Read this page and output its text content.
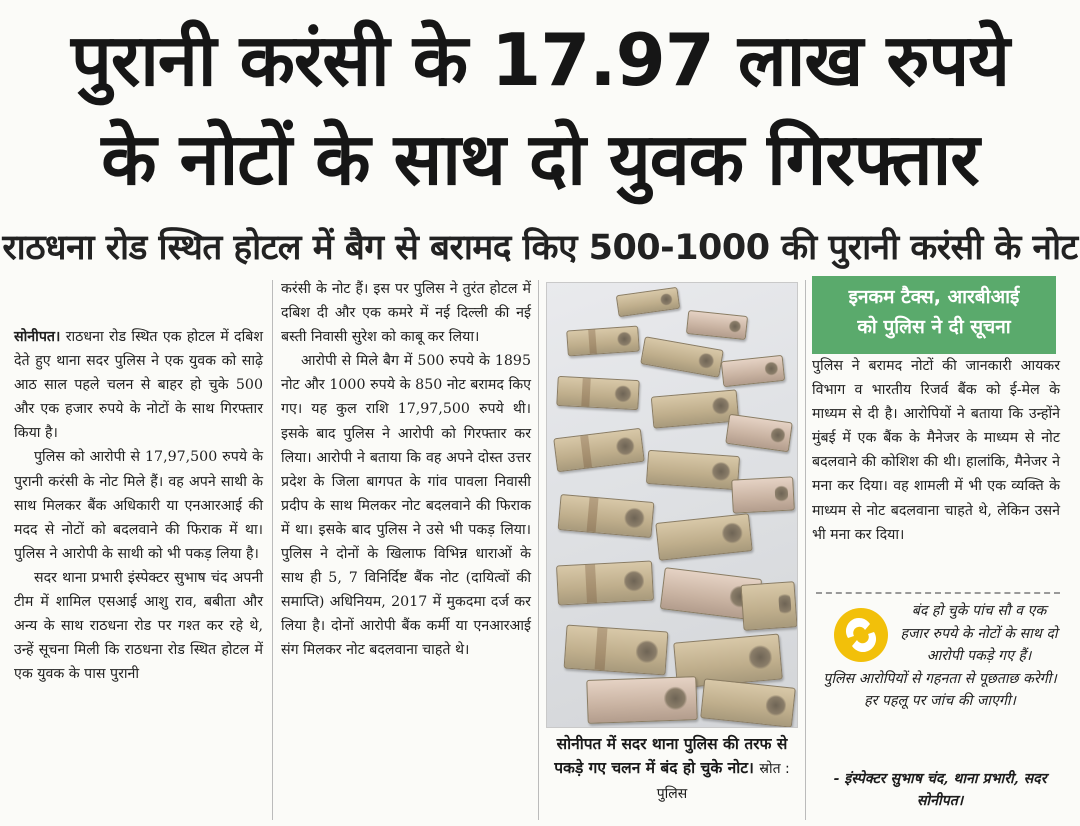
पुरानी करंसी के 17.97 लाख रुपये
के नोटों के साथ दो युवक गिरफ्तार
राठधना रोड स्थित होटल में बैग से बरामद किए 500-1000 की पुरानी करंसी के नोट

सोनीपत। राठधना रोड स्थित एक होटल में दबिश देते हुए थाना सदर पुलिस ने एक युवक को साढ़े आठ साल पहले चलन से बाहर हो चुके 500 और एक हजार रुपये के नोटों के साथ गिरफ्तार किया है।

पुलिस को आरोपी से 17,97,500 रुपये के पुरानी करंसी के नोट मिले हैं। वह अपने साथी के साथ मिलकर बैंक अधिकारी या एनआरआई की मदद से नोटों को बदलवाने की फिराक में था। पुलिस ने आरोपी के साथी को भी पकड़ लिया है।

सदर थाना प्रभारी इंस्पेक्टर सुभाष चंद अपनी टीम में शामिल एसआई आशु राव, बबीता और अन्य के साथ राठधना रोड पर गश्त कर रहे थे, उन्हें सूचना मिली कि राठधना रोड स्थित होटल में एक युवक के पास पुरानी

करंसी के नोट हैं। इस पर पुलिस ने तुरंत होटल में दबिश दी और एक कमरे में नई दिल्ली की नई बस्ती निवासी सुरेश को काबू कर लिया।

आरोपी से मिले बैग में 500 रुपये के 1895 नोट और 1000 रुपये के 850 नोट बरामद किए गए। यह कुल राशि 17,97,500 रुपये थी। इसके बाद पुलिस ने आरोपी को गिरफ्तार कर लिया। आरोपी ने बताया कि वह अपने दोस्त उत्तर प्रदेश के जिला बागपत के गांव पावला निवासी प्रदीप के साथ मिलकर नोट बदलवाने की फिराक में था। इसके बाद पुलिस ने उसे भी पकड़ लिया। पुलिस ने दोनों के खिलाफ विभिन्न धाराओं के साथ ही 5, 7 विनिर्दिष्ट बैंक नोट (दायित्वों की समाप्ति) अधिनियम, 2017 में मुकदमा दर्ज कर लिया है। दोनों आरोपी बैंक कर्मी या एनआरआई संग मिलकर नोट बदलवाना चाहते थे।

सोनीपत में सदर थाना पुलिस की तरफ से पकड़े गए चलन में बंद हो चुके नोट। स्रोत : पुलिस
इनकम टैक्स, आरबीआई
को पुलिस ने दी सूचना
पुलिस ने बरामद नोटों की जानकारी आयकर विभाग व भारतीय रिजर्व बैंक को ई-मेल के माध्यम से दी है। आरोपियों ने बताया कि उन्होंने मुंबई में एक बैंक के मैनेजर के माध्यम से नोट बदलवाने की कोशिश की थी। हालांकि, मैनेजर ने मना कर दिया। वह शामली में भी एक व्यक्ति के माध्यम से नोट बदलवाना चाहते थे, लेकिन उसने भी मना कर दिया।
बंद हो चुके पांच सौ व एक हजार रुपये के नोटों के साथ दो आरोपी पकड़े गए हैं।
पुलिस आरोपियों से गहनता से पूछताछ करेगी। हर पहलू पर जांच की जाएगी।
- इंस्पेक्टर सुभाष चंद, थाना प्रभारी, सदर सोनीपत।
